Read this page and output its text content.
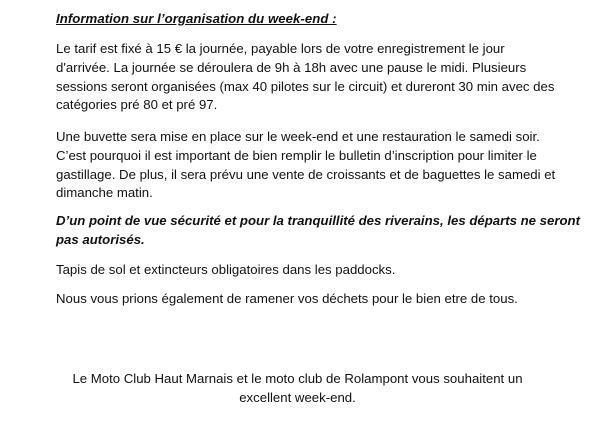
Information sur l’organisation du week-end :

Le tarif est fixé à 15 € la journée, payable lors de votre enregistrement le jour
d'arrivée. La journée se déroulera de 9h à 18h avec une pause le midi. Plusieurs
sessions seront organisées (max 40 pilotes sur le circuit) et dureront 30 min avec des
catégories pré 80 et pré 97.

Une buvette sera mise en place sur le week-end et une restauration le samedi soir.
C’est pourquoi il est important de bien remplir le bulletin d’inscription pour limiter le
gastillage. De plus, il sera prévu une vente de croissants et de baguettes le samedi et
dimanche matin.

D’un point de vue sécurité et pour la tranquillité des riverains, les départs ne seront
pas autorisés.

Tapis de sol et extincteurs obligatoires dans les paddocks.

Nous vous prions également de ramener vos déchets pour le bien etre de tous.

Le Moto Club Haut Marnais et le moto club de Rolampont vous souhaitent un
excellent week-end.
